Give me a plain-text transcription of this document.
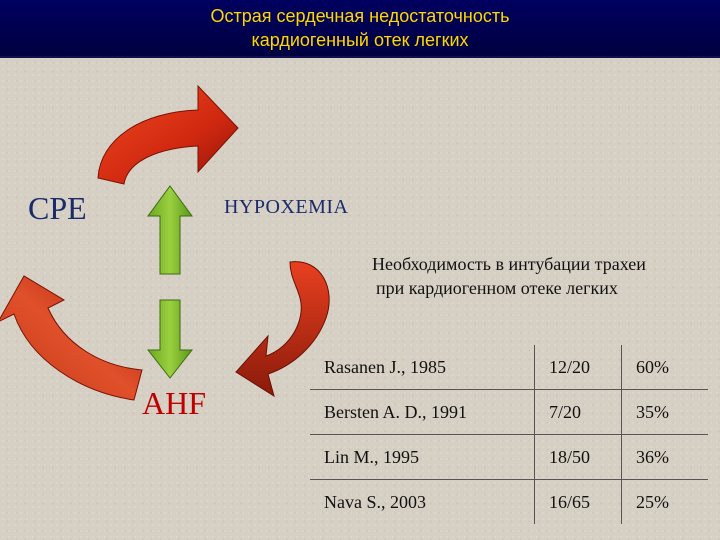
Острая сердечная недостаточность
кардиогенный отек легких
CPE	HYPOXEMIA
AHF
Необходимость в интубации трахеи
при кардиогенном отеке легких
Rasanen J., 1985	12/20	60%
Bersten A. D., 1991	7/20	35%
Lin M., 1995	18/50	36%
Nava S., 2003	16/65	25%
